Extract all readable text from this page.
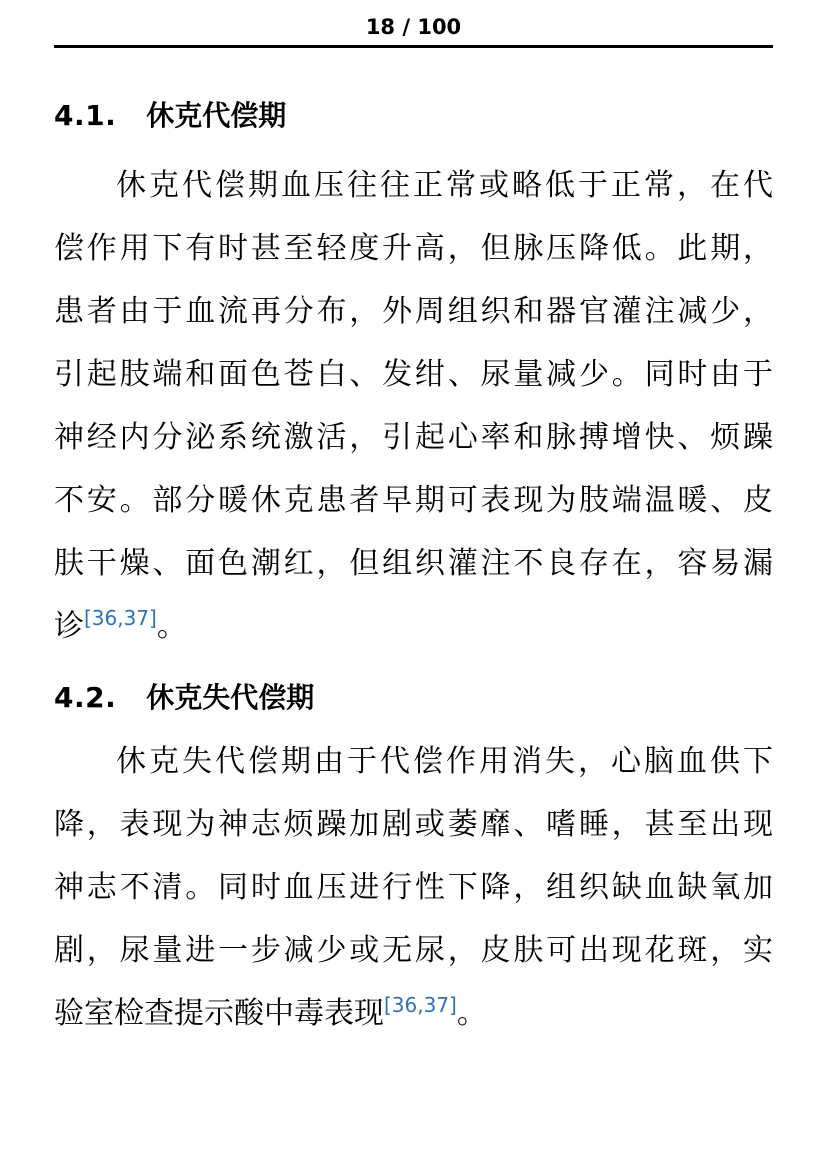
18 / 100
4.1. 休克代偿期
休克代偿期血压往往正常或略低于正常，在代
偿作用下有时甚至轻度升高，但脉压降低。此期，
患者由于血流再分布，外周组织和器官灌注减少，
引起肢端和面色苍白、发绀、尿量减少。同时由于
神经内分泌系统激活，引起心率和脉搏增快、烦躁
不安。部分暖休克患者早期可表现为肢端温暖、皮
肤干燥、面色潮红，但组织灌注不良存在，容易漏
诊[36,37]。
4.2. 休克失代偿期
休克失代偿期由于代偿作用消失，心脑血供下
降，表现为神志烦躁加剧或萎靡、嗜睡，甚至出现
神志不清。同时血压进行性下降，组织缺血缺氧加
剧，尿量进一步减少或无尿，皮肤可出现花斑，实
验室检查提示酸中毒表现[36,37]。
